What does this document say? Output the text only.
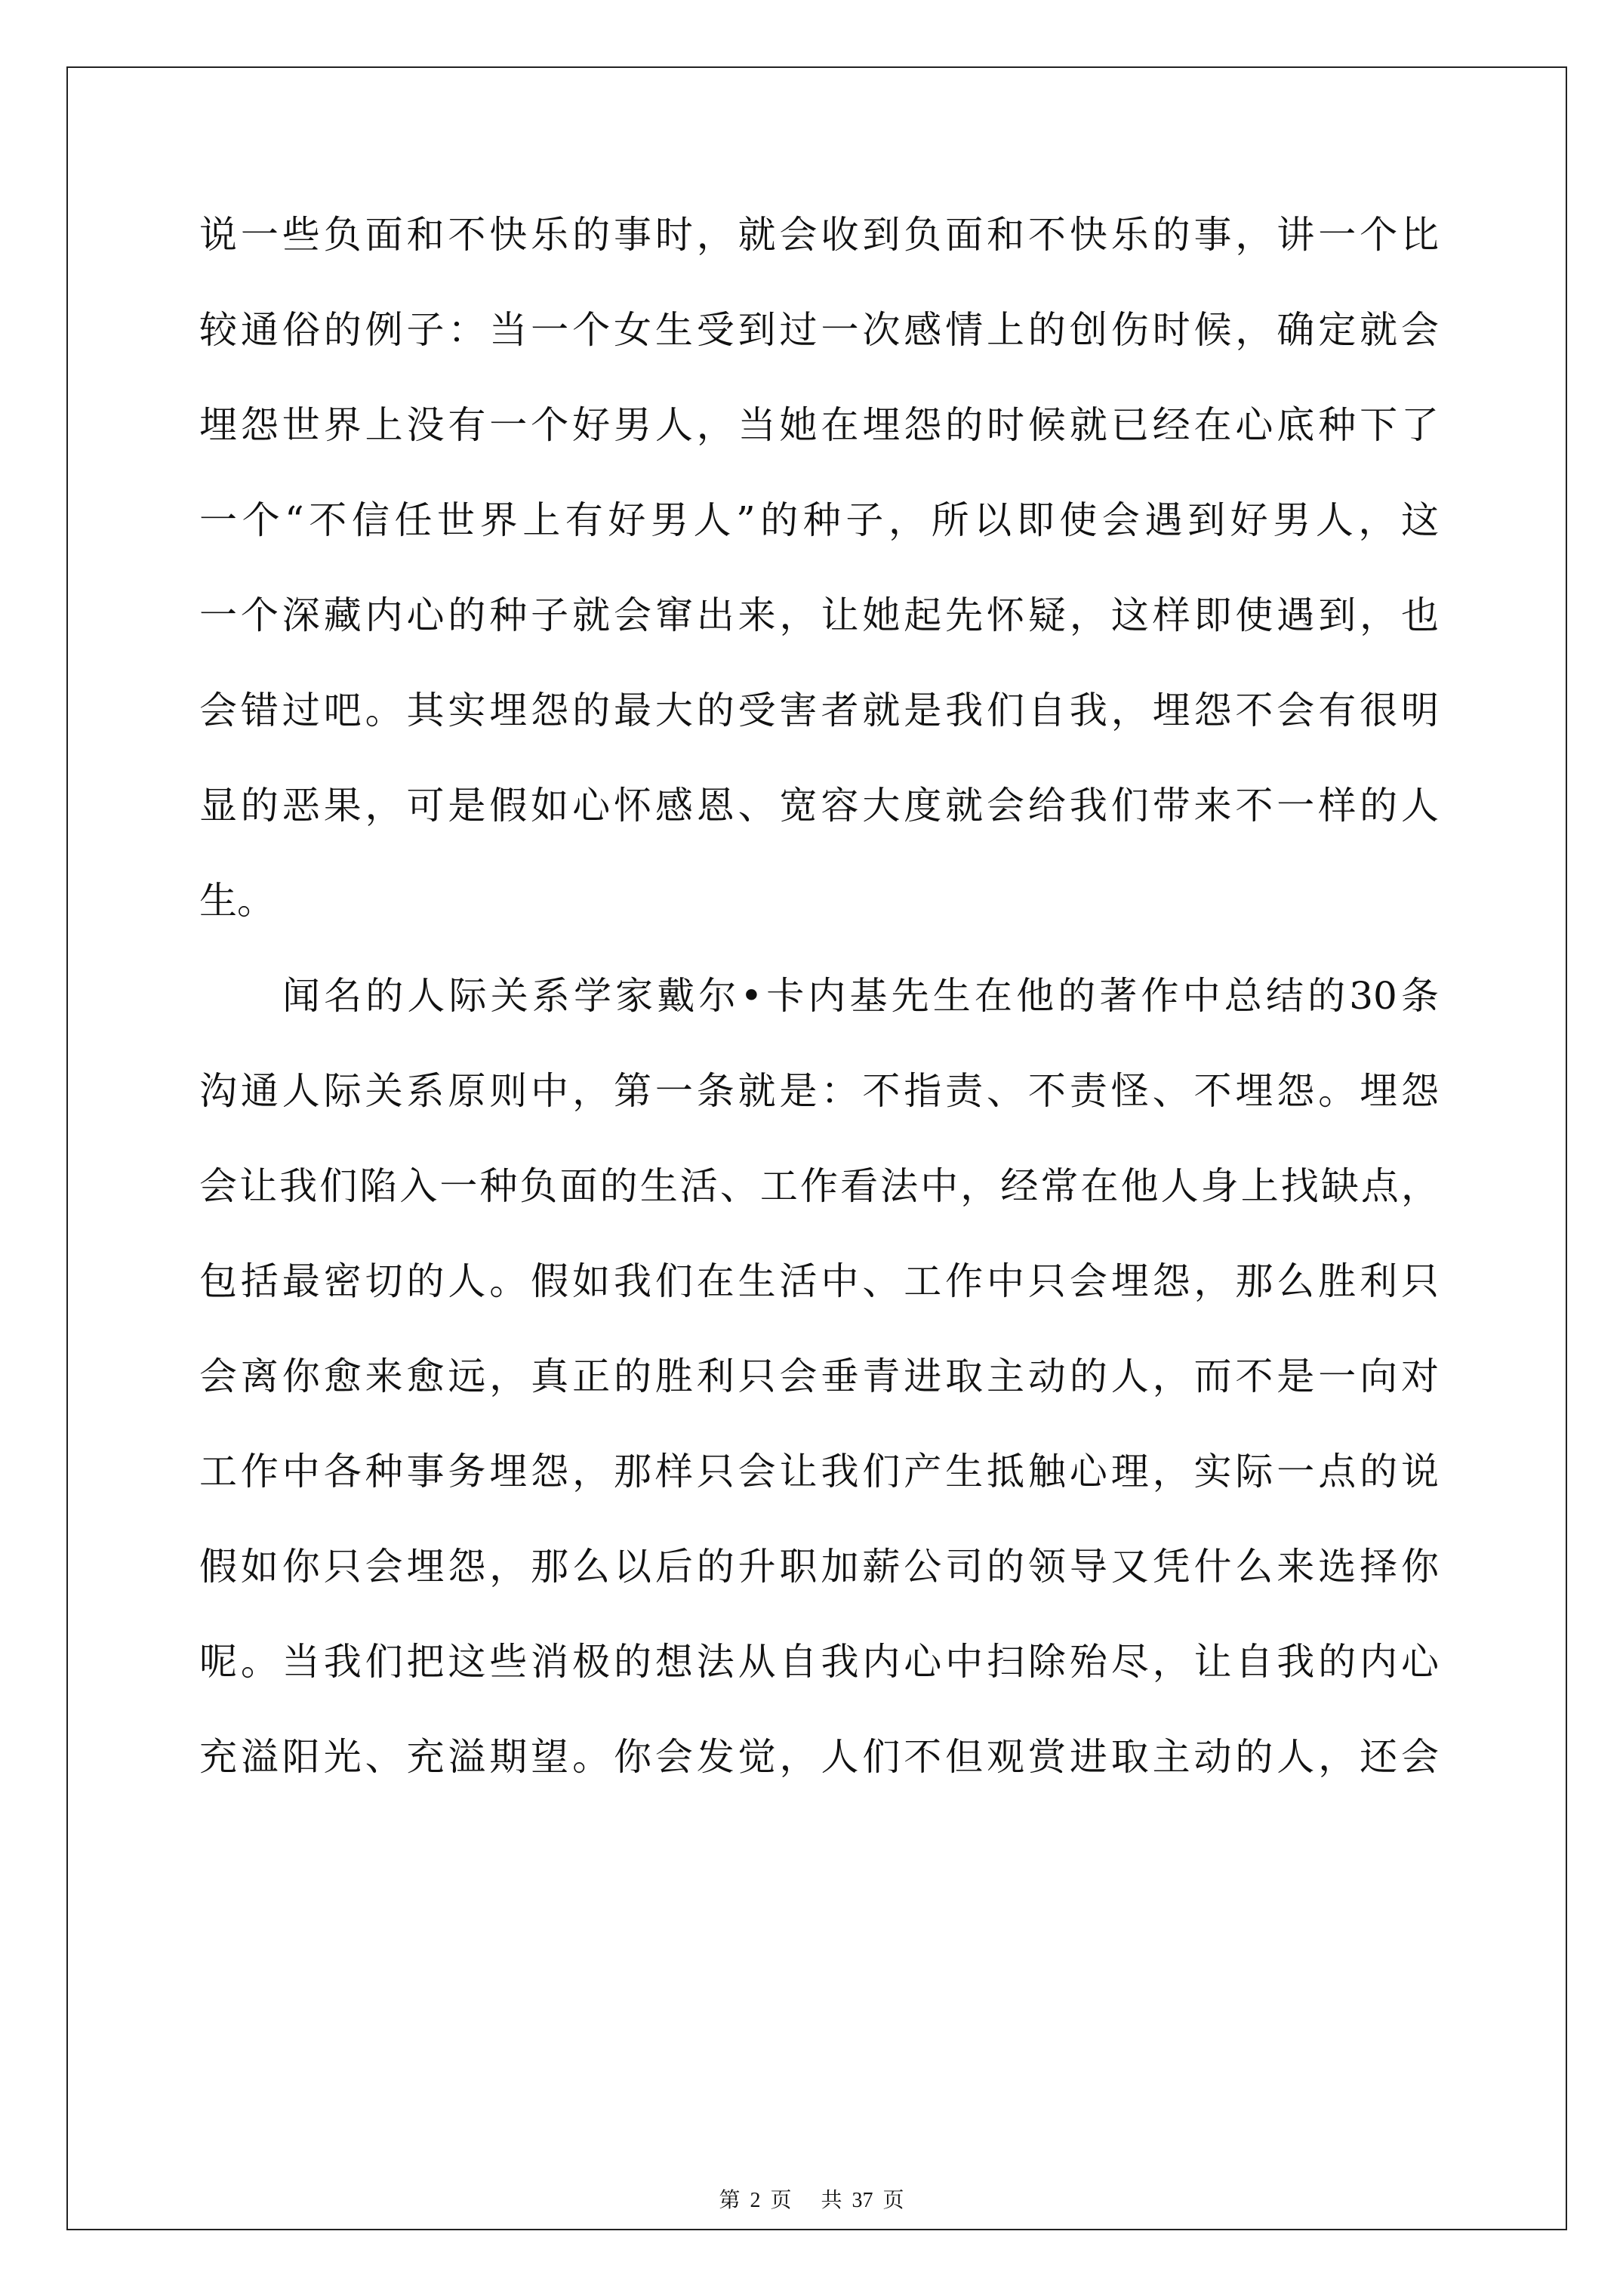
说一些负面和不快乐的事时，就会收到负面和不快乐的事，讲一个比

较通俗的例子：当一个女生受到过一次感情上的创伤时候，确定就会

埋怨世界上没有一个好男人，当她在埋怨的时候就已经在心底种下了

一个“不信任世界上有好男人”的种子，所以即使会遇到好男人，这

一个深藏内心的种子就会窜出来，让她起先怀疑，这样即使遇到，也

会错过吧。其实埋怨的最大的受害者就是我们自我，埋怨不会有很明

显的恶果，可是假如心怀感恩、宽容大度就会给我们带来不一样的人

生。

闻名的人际关系学家戴尔•卡内基先生在他的著作中总结的30条

沟通人际关系原则中，第一条就是：不指责、不责怪、不埋怨。埋怨

会让我们陷入一种负面的生活、工作看法中，经常在他人身上找缺点，

包括最密切的人。假如我们在生活中、工作中只会埋怨，那么胜利只

会离你愈来愈远，真正的胜利只会垂青进取主动的人，而不是一向对

工作中各种事务埋怨，那样只会让我们产生抵触心理，实际一点的说

假如你只会埋怨，那么以后的升职加薪公司的领导又凭什么来选择你

呢。当我们把这些消极的想法从自我内心中扫除殆尽，让自我的内心

充溢阳光、充溢期望。你会发觉，人们不但观赏进取主动的人，还会

第 2 页 共 37 页
